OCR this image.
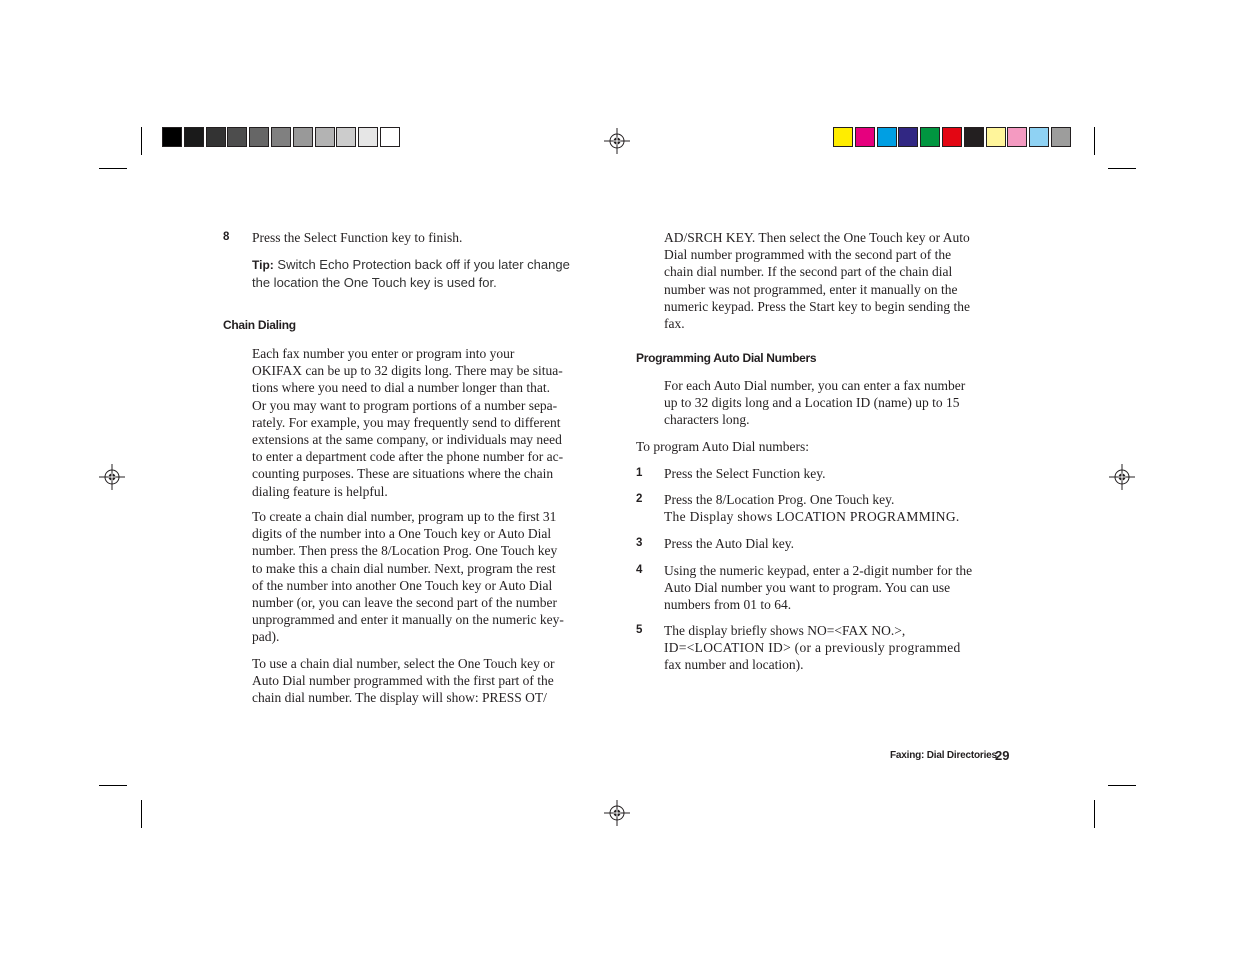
8 Press the Select Function key to finish.
Tip: Switch Echo Protection back off if you later change
the location the One Touch key is used for.
Chain Dialing
Each fax number you enter or program into your
OKIFAX can be up to 32 digits long. There may be situa-
tions where you need to dial a number longer than that.
Or you may want to program portions of a number sepa-
rately. For example, you may frequently send to different
extensions at the same company, or individuals may need
to enter a department code after the phone number for ac-
counting purposes. These are situations where the chain
dialing feature is helpful.
To create a chain dial number, program up to the first 31
digits of the number into a One Touch key or Auto Dial
number. Then press the 8/Location Prog. One Touch key
to make this a chain dial number. Next, program the rest
of the number into another One Touch key or Auto Dial
number (or, you can leave the second part of the number
unprogrammed and enter it manually on the numeric key-
pad).
To use a chain dial number, select the One Touch key or
Auto Dial number programmed with the first part of the
chain dial number. The display will show: PRESS OT/
AD/SRCH KEY. Then select the One Touch key or Auto
Dial number programmed with the second part of the
chain dial number. If the second part of the chain dial
number was not programmed, enter it manually on the
numeric keypad. Press the Start key to begin sending the
fax.
Programming Auto Dial Numbers
For each Auto Dial number, you can enter a fax number
up to 32 digits long and a Location ID (name) up to 15
characters long.
To program Auto Dial numbers:
1 Press the Select Function key.
2 Press the 8/Location Prog. One Touch key.
The Display shows LOCATION PROGRAMMING.
3 Press the Auto Dial key.
4 Using the numeric keypad, enter a 2-digit number for the
Auto Dial number you want to program. You can use
numbers from 01 to 64.
5 The display briefly shows NO=<FAX NO.>,
ID=<LOCATION ID> (or a previously programmed
fax number and location).
Faxing: Dial Directories
29
